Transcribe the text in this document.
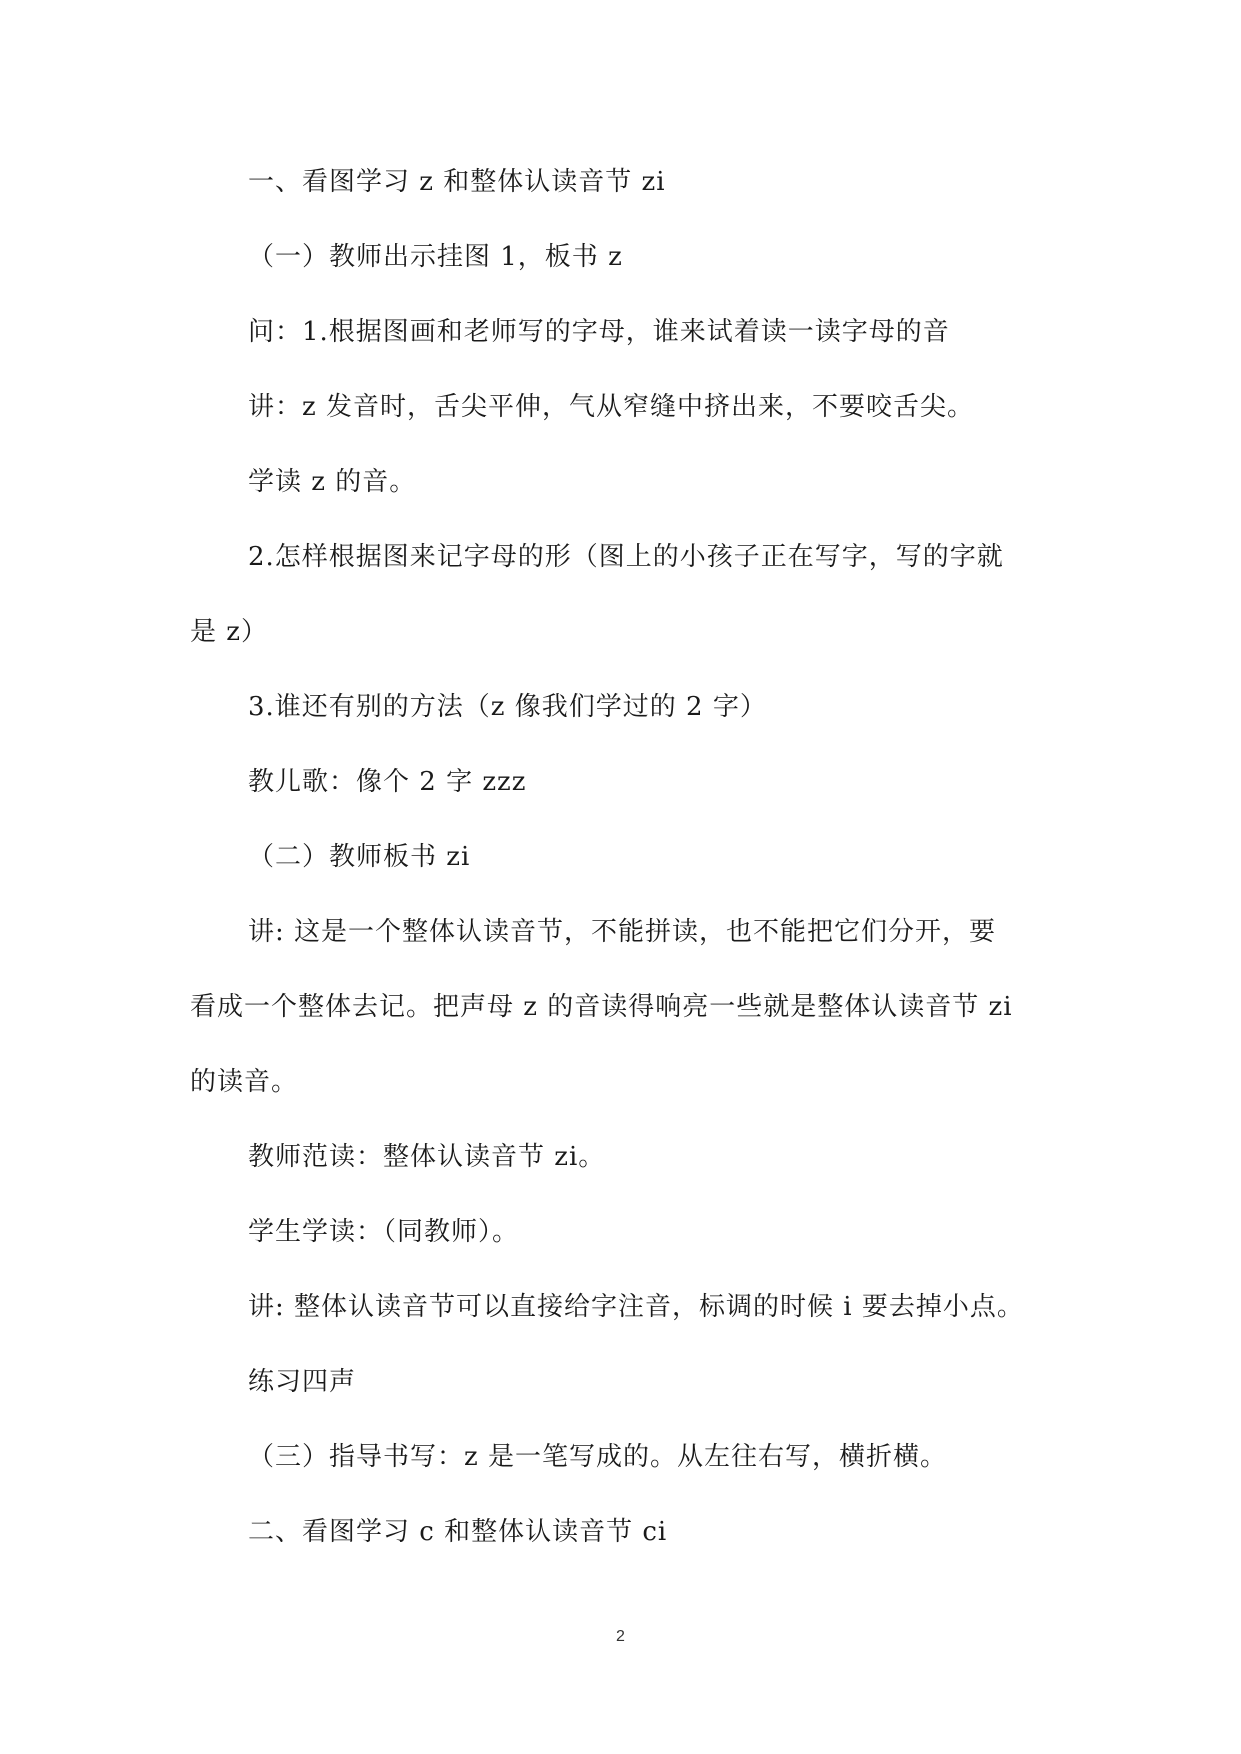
一、看图学习 z 和整体认读音节 zi

（一）教师出示挂图 1，板书 z

问：1.根据图画和老师写的字母，谁来试着读一读字母的音

讲：z 发音时，舌尖平伸，气从窄缝中挤出来，不要咬舌尖。

学读 z 的音。

2.怎样根据图来记字母的形（图上的小孩子正在写字，写的字就

是 z）

3.谁还有别的方法（z 像我们学过的 2 字）

教儿歌：像个 2 字 zzz

（二）教师板书 zi

讲: 这是一个整体认读音节，不能拼读，也不能把它们分开，要

看成一个整体去记。把声母 z 的音读得响亮一些就是整体认读音节 zi

的读音。

教师范读：整体认读音节 zi。

学生学读：（同教师）。

讲: 整体认读音节可以直接给字注音，标调的时候 i 要去掉小点。

练习四声

（三）指导书写：z 是一笔写成的。从左往右写，横折横。

二、看图学习 c 和整体认读音节 ci

2
